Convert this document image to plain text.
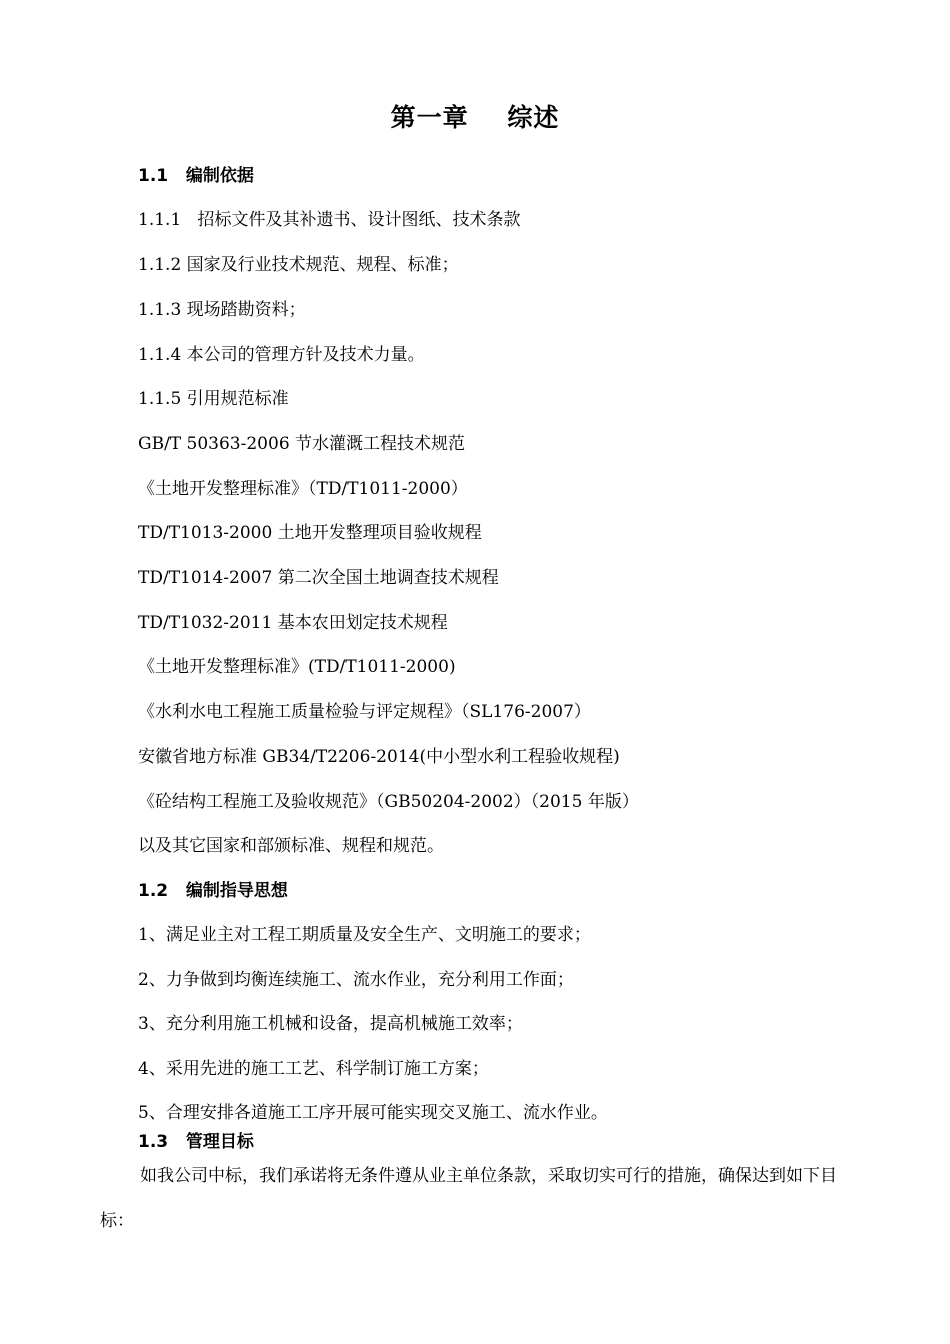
第一章    综述
1.1   编制依据
1.1.1   招标文件及其补遗书、设计图纸、技术条款
1.1.2 国家及行业技术规范、规程、标准；
1.1.3 现场踏勘资料；
1.1.4 本公司的管理方针及技术力量。
1.1.5 引用规范标准
GB/T 50363-2006 节水灌溉工程技术规范
《土地开发整理标准》（TD/T1011-2000）
TD/T1013-2000 土地开发整理项目验收规程
TD/T1014-2007 第二次全国土地调查技术规程
TD/T1032-2011 基本农田划定技术规程
《土地开发整理标准》(TD/T1011-2000)
《水利水电工程施工质量检验与评定规程》（SL176-2007）
安徽省地方标准 GB34/T2206-2014(中小型水利工程验收规程)
《砼结构工程施工及验收规范》（GB50204-2002）（2015 年版）
以及其它国家和部颁标准、规程和规范。
1.2   编制指导思想
1、满足业主对工程工期质量及安全生产、文明施工的要求；
2、力争做到均衡连续施工、流水作业，充分利用工作面；
3、充分利用施工机械和设备，提高机械施工效率；
4、采用先进的施工工艺、科学制订施工方案；
5、合理安排各道施工工序开展可能实现交叉施工、流水作业。
1.3   管理目标
如我公司中标，我们承诺将无条件遵从业主单位条款，采取切实可行的措施，确保达到如下目标：
